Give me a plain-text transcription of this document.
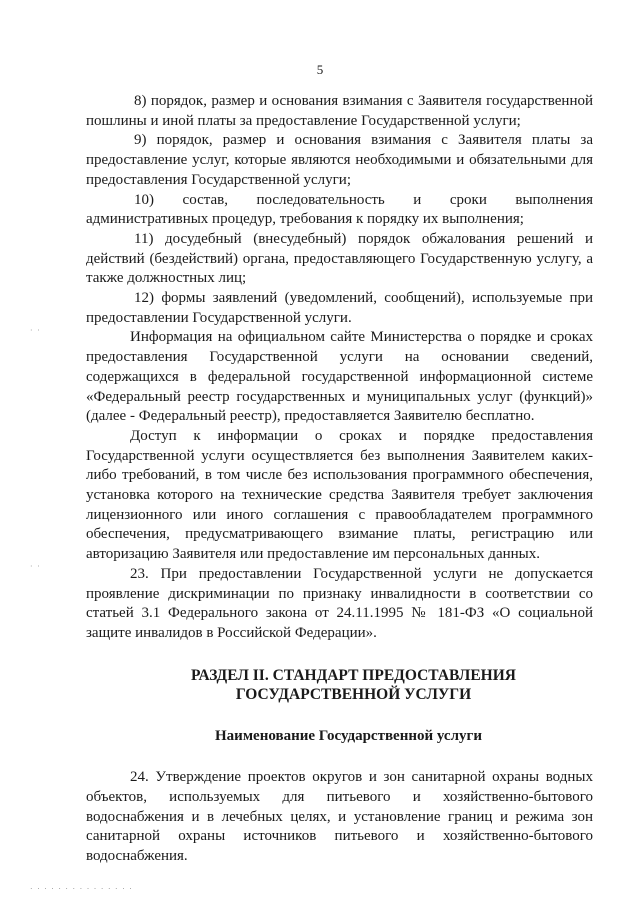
5
· ·
· ·

8) порядок, размер и основания взимания с Заявителя государственной пошлины и иной платы за предоставление Государственной услуги;

9) порядок, размер и основания взимания с Заявителя платы за предоставление услуг, которые являются необходимыми и обязательными для предоставления Государственной услуги;

10) состав, последовательность и сроки выполнения административных процедур, требования к порядку их выполнения;

11) досудебный (внесудебный) порядок обжалования решений и действий (бездействий) органа, предоставляющего Государственную услугу, а также должностных лиц;

12) формы заявлений (уведомлений, сообщений), используемые при предоставлении Государственной услуги.

Информация на официальном сайте Министерства о порядке и сроках предоставления Государственной услуги на основании сведений, содержащихся в федеральной государственной информационной системе «Федеральный реестр государственных и муниципальных услуг (функций)» (далее - Федеральный реестр), предоставляется Заявителю бесплатно.

Доступ к информации о сроках и порядке предоставления Государственной услуги осуществляется без выполнения Заявителем каких-либо требований, в том числе без использования программного обеспечения, установка которого на технические средства Заявителя требует заключения лицензионного или иного соглашения с правообладателем программного обеспечения, предусматривающего взимание платы, регистрацию или авторизацию Заявителя или предоставление им персональных данных.

23. При предоставлении Государственной услуги не допускается проявление дискриминации по признаку инвалидности в соответствии со статьей 3.1 Федерального закона от 24.11.1995 № 181-ФЗ «О социальной защите инвалидов в Российской Федерации».

РАЗДЕЛ II. СТАНДАРТ ПРЕДОСТАВЛЕНИЯ
ГОСУДАРСТВЕННОЙ УСЛУГИ
Наименование Государственной услуги

24. Утверждение проектов округов и зон санитарной охраны водных объектов, используемых для питьевого и хозяйственно-бытового водоснабжения и в лечебных целях, и установление границ и режима зон санитарной охраны источников питьевого и хозяйственно-бытового водоснабжения.

. . . . . . . . . . . . . . .
